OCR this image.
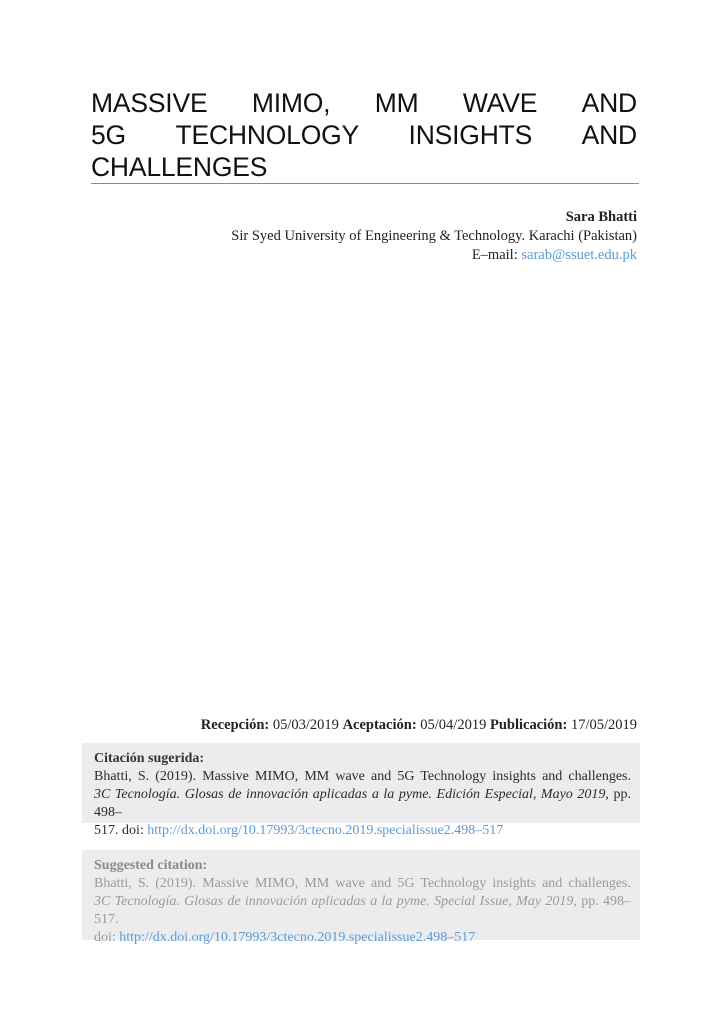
MASSIVE MIMO, MM WAVE AND
5G TECHNOLOGY INSIGHTS AND
CHALLENGES
Sara Bhatti
Sir Syed University of Engineering & Technology. Karachi (Pakistan)
E–mail: sarab@ssuet.edu.pk
Recepción: 05/03/2019 Aceptación: 05/04/2019 Publicación: 17/05/2019
Citación sugerida:
Bhatti, S. (2019). Massive MIMO, MM wave and 5G Technology insights and challenges.
3C Tecnología. Glosas de innovación aplicadas a la pyme. Edición Especial, Mayo 2019, pp. 498–
517. doi: http://dx.doi.org/10.17993/3ctecno.2019.specialissue2.498–517
Suggested citation:
Bhatti, S. (2019). Massive MIMO, MM wave and 5G Technology insights and challenges.
3C Tecnología. Glosas de innovación aplicadas a la pyme. Special Issue, May 2019, pp. 498–517.
doi: http://dx.doi.org/10.17993/3ctecno.2019.specialissue2.498–517
